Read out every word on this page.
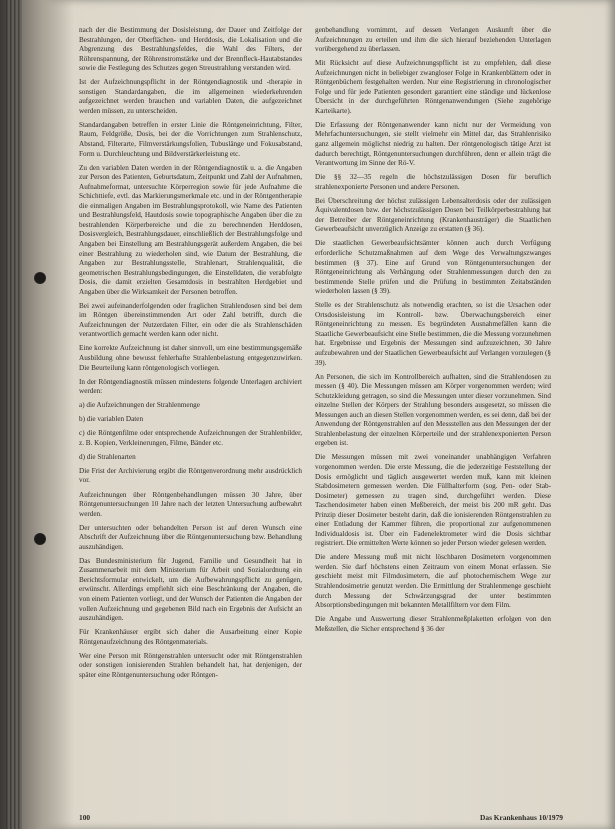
nach der die Bestimmung der Dosisleistung, der Dauer und Zeitfolge der Bestrahlungen, der Oberflächen- und Herddosis, die Lokalisation und die Abgrenzung des Bestrahlungsfeldes, die Wahl des Filters, der Röhrenspannung, der Röhrenstromstärke und der Brennfleck-Hautabstandes sowie die Festlegung des Schutzes gegen Streustrahlung verstanden wird.

Ist der Aufzeichnungspflicht in der Röntgendiagnostik und -therapie in sonstigen Standardangaben, die im allgemeinen wiederkehrenden aufgezeichnet werden brauchen und variablen Daten, die aufgezeichnet werden müssen, zu unterscheiden.

Standardangaben betreffen in erster Linie die Röntgeneinrichtung, Filter, Raum, Feldgröße, Dosis, bei der die Vorrichtungen zum Strahlenschutz, Abstand, Filterarte, Filmverstärkungsfolien, Tubuslänge und Fokusabstand, Form u. Durchleuchtung und Bildverstärkerleistung etc.

Zu den variablen Daten werden in der Röntgendiagnostik u. a. die Angaben zur Person des Patienten, Geburtsdatum, Zeitpunkt und Zahl der Aufnahmen, Aufnahmeformat, untersuchte Körperregion sowie für jede Aufnahme die Schichttiefe, evtl. das Markierungsmerkmale etc. und in der Röntgentherapie die einmaligen Angaben im Bestrahlungsprotokoll, wie Name des Patienten und Bestrahlungsfeld, Hautdosis sowie topographische Angaben über die zu bestrahlenden Körperbereiche und die zu berechnenden Herddosen, Dosisvergleich, Bestrahlungsdauer, einschließlich der Bestrahlungsfolge und Angaben bei Einstellung am Bestrahlungsgerät außerdem Angaben, die bei einer Bestrahlung zu wiederholen sind, wie Datum der Bestrahlung, die Angaben zur Bestrahlungsstelle, Strahlenart, Strahlenqualität, die geometrischen Bestrahlungsbedingungen, die Einstelldaten, die verabfolgte Dosis, die damit erzielten Gesamtdosis in bestrahlten Herdgebiet und Angaben über die Wirksamkeit der Personen betroffen.

Bei zwei aufeinanderfolgenden oder fraglichen Strahlendosen sind bei dem im Röntgen übereinstimmenden Art oder Zahl betrifft, durch die Aufzeichnungen der Nutzerdaten Filter, ein oder die als Strahlenschäden verantwortlich gemacht werden kann oder nicht.

Eine korrekte Aufzeichnung ist daher sinnvoll, um eine bestimmungsgemäße Ausbildung ohne bewusst fehlerhafte Strahlenbelastung entgegenzuwirken. Die Beurteilung kann röntgenologisch vorliegen.

In der Röntgendiagnostik müssen mindestens folgende Unterlagen archiviert werden:

a) die Aufzeichnungen der Strahlenmenge

b) die variablen Daten

c) die Röntgenfilme oder entsprechende Aufzeichnungen der Strahlenbilder, z. B. Kopien, Verkleinerungen, Filme, Bänder etc.

d) die Strahlenarten

Die Frist der Archivierung ergibt die Röntgenverordnung mehr ausdrücklich vor.

Aufzeichnungen über Röntgenbehandlungen müssen 30 Jahre, über Röntgenuntersuchungen 10 Jahre nach der letzten Untersuchung aufbewahrt werden.

Der untersuchten oder behandelten Person ist auf deren Wunsch eine Abschrift der Aufzeichnung über die Röntgenuntersuchung bzw. Behandlung auszuhändigen.

Das Bundesministerium für Jugend, Familie und Gesundheit hat in Zusammenarbeit mit dem Ministerium für Arbeit und Sozialordnung ein Berichtsformular entwickelt, um die Aufbewahrungspflicht zu genügen, erwünscht. Allerdings empfiehlt sich eine Beschränkung der Angaben, die von einem Patienten vorliegt, und der Wunsch der Patienten die Angaben der vollen Aufzeichnung und gegebenen Bild nach ein Ergebnis der Aufsicht an auszuhändigen.

Für Krankenhäuser ergibt sich daher die Ausarbeitung einer Kopie Röntgenaufzeichnung des Röntgenmaterials.

Wer eine Person mit Röntgenstrahlen untersucht oder mit Röntgenstrahlen oder sonstigen ionisierenden Strahlen behandelt hat, hat denjenigen, der später eine Röntgenuntersuchung oder Röntgen-

genbehandlung vornimmt, auf dessen Verlangen Auskunft über die Aufzeichnungen zu erteilen und ihm die sich hierauf beziehenden Unterlagen vorübergehend zu überlassen.

Mit Rücksicht auf diese Aufzeichnungspflicht ist zu empfehlen, daß diese Aufzeichnungen nicht in beliebiger zwangloser Folge in Krankenblättern oder in Röntgenbüchern festgehalten werden. Nur eine Registrierung in chronologischer Folge und für jede Patienten gesondert garantiert eine ständige und lückenlose Übersicht in der durchgeführten Röntgenanwendungen (Siehe zugehörige Karteikarte).

Die Erfassung der Röntgenanwender kann nicht nur der Vermeidung von Mehrfachuntersuchungen, sie stellt vielmehr ein Mittel dar, das Strahlenrisiko ganz allgemein möglichst niedrig zu halten. Der röntgenologisch tätige Arzt ist dadurch berechtigt, Röntgenuntersuchungen durchführen, denn er allein trägt die Verantwortung im Sinne der Rö-V.

Die §§ 32—35 regeln die höchstzulässigen Dosen für beruflich strahlenexponierte Personen und andere Personen.

Bei Überschreitung der höchst zulässigen Lebensalterdosis oder der zulässigen Äquivalentdosen bzw. der höchstzulässigen Dosen bei Teilkörperbestrahlung hat der Betreiber der Röntgeneinrichtung (Krankenhausträger) die Staatlichen Gewerbeaufsicht unverzüglich Anzeige zu erstatten (§ 36).

Die staatlichen Gewerbeaufsichtsämter können auch durch Verfügung erforderliche Schutzmaßnahmen auf dem Wege des Verwaltungszwanges bestimmen (§ 37). Eine auf Grund von Röntgenuntersuchungen der Röntgeneinrichtung als Verhängung oder Strahlenmessungen durch den zu bestimmende Stelle prüfen und die Prüfung in bestimmten Zeitabständen wiederholen lassen (§ 39).

Stelle es der Strahlenschutz als notwendig erachten, so ist die Ursachen oder Ortsdosisleistung im Kontroll- bzw. Überwachungsbereich einer Röntgeneinrichtung zu messen. Es begründeten Ausnahmefällen kann die Staatliche Gewerbeaufsicht eine Stelle bestimmen, die die Messung vorzunehmen hat. Ergebnisse und Ergebnis der Messungen sind aufzuzeichnen, 30 Jahre aufzubewahren und der Staatlichen Gewerbeaufsicht auf Verlangen vorzulegen (§ 39).

An Personen, die sich im Kontrollbereich aufhalten, sind die Strahlendosen zu messen (§ 40). Die Messungen müssen am Körper vorgenommen werden; wird Schutzkleidung getragen, so sind die Messungen unter dieser vorzunehmen. Sind einzelne Stellen der Körpers der Strahlung besonders ausgesetzt, so müssen die Messungen auch an diesen Stellen vorgenommen werden, es sei denn, daß bei der Anwendung der Röntgenstrahlen auf den Messstellen aus den Messungen der der Strahlenbelastung der einzelnen Körperteile und der strahlenexponierten Person ergeben ist.

Die Messungen müssen mit zwei voneinander unabhängigen Verfahren vorgenommen werden. Die erste Messung, die die jederzeitige Feststellung der Dosis ermöglicht und täglich ausgewertet werden muß, kann mit kleinen Stabdosimetern gemessen werden. Die Füllhalterform (sog. Pen- oder Stab-Dosimeter) gemessen zu tragen sind, durchgeführt werden. Diese Taschendosimeter haben einen Meßbereich, der meist bis 200 mR geht. Das Prinzip dieser Dosimeter besteht darin, daß die ionisierenden Röntgenstrahlen zu einer Entladung der Kammer führen, die proportional zur aufgenommenen Individualdosis ist. Über ein Fadenelektrometer wird die Dosis sichtbar registriert. Die ermittelten Werte können so jeder Person wieder gelesen werden.

Die andere Messung muß mit nicht löschbaren Dosimetern vorgenommen werden. Sie darf höchstens einen Zeitraum von einem Monat erfassen. Sie geschieht meist mit Filmdosimetern, die auf photochemischem Wege zur Strahlendosimetrie genutzt werden. Die Ermittlung der Strahlenmenge geschieht durch Messung der Schwärzungsgrad der unter bestimmten Absorptionsbedingungen mit bekannten Metallfiltern vor dem Film.

Die Angabe und Auswertung dieser Strahlenmeßplaketten erfolgen von den Meßstellen, die Sicher entsprechend § 36 der

100	Das Krankenhaus 10/1979
